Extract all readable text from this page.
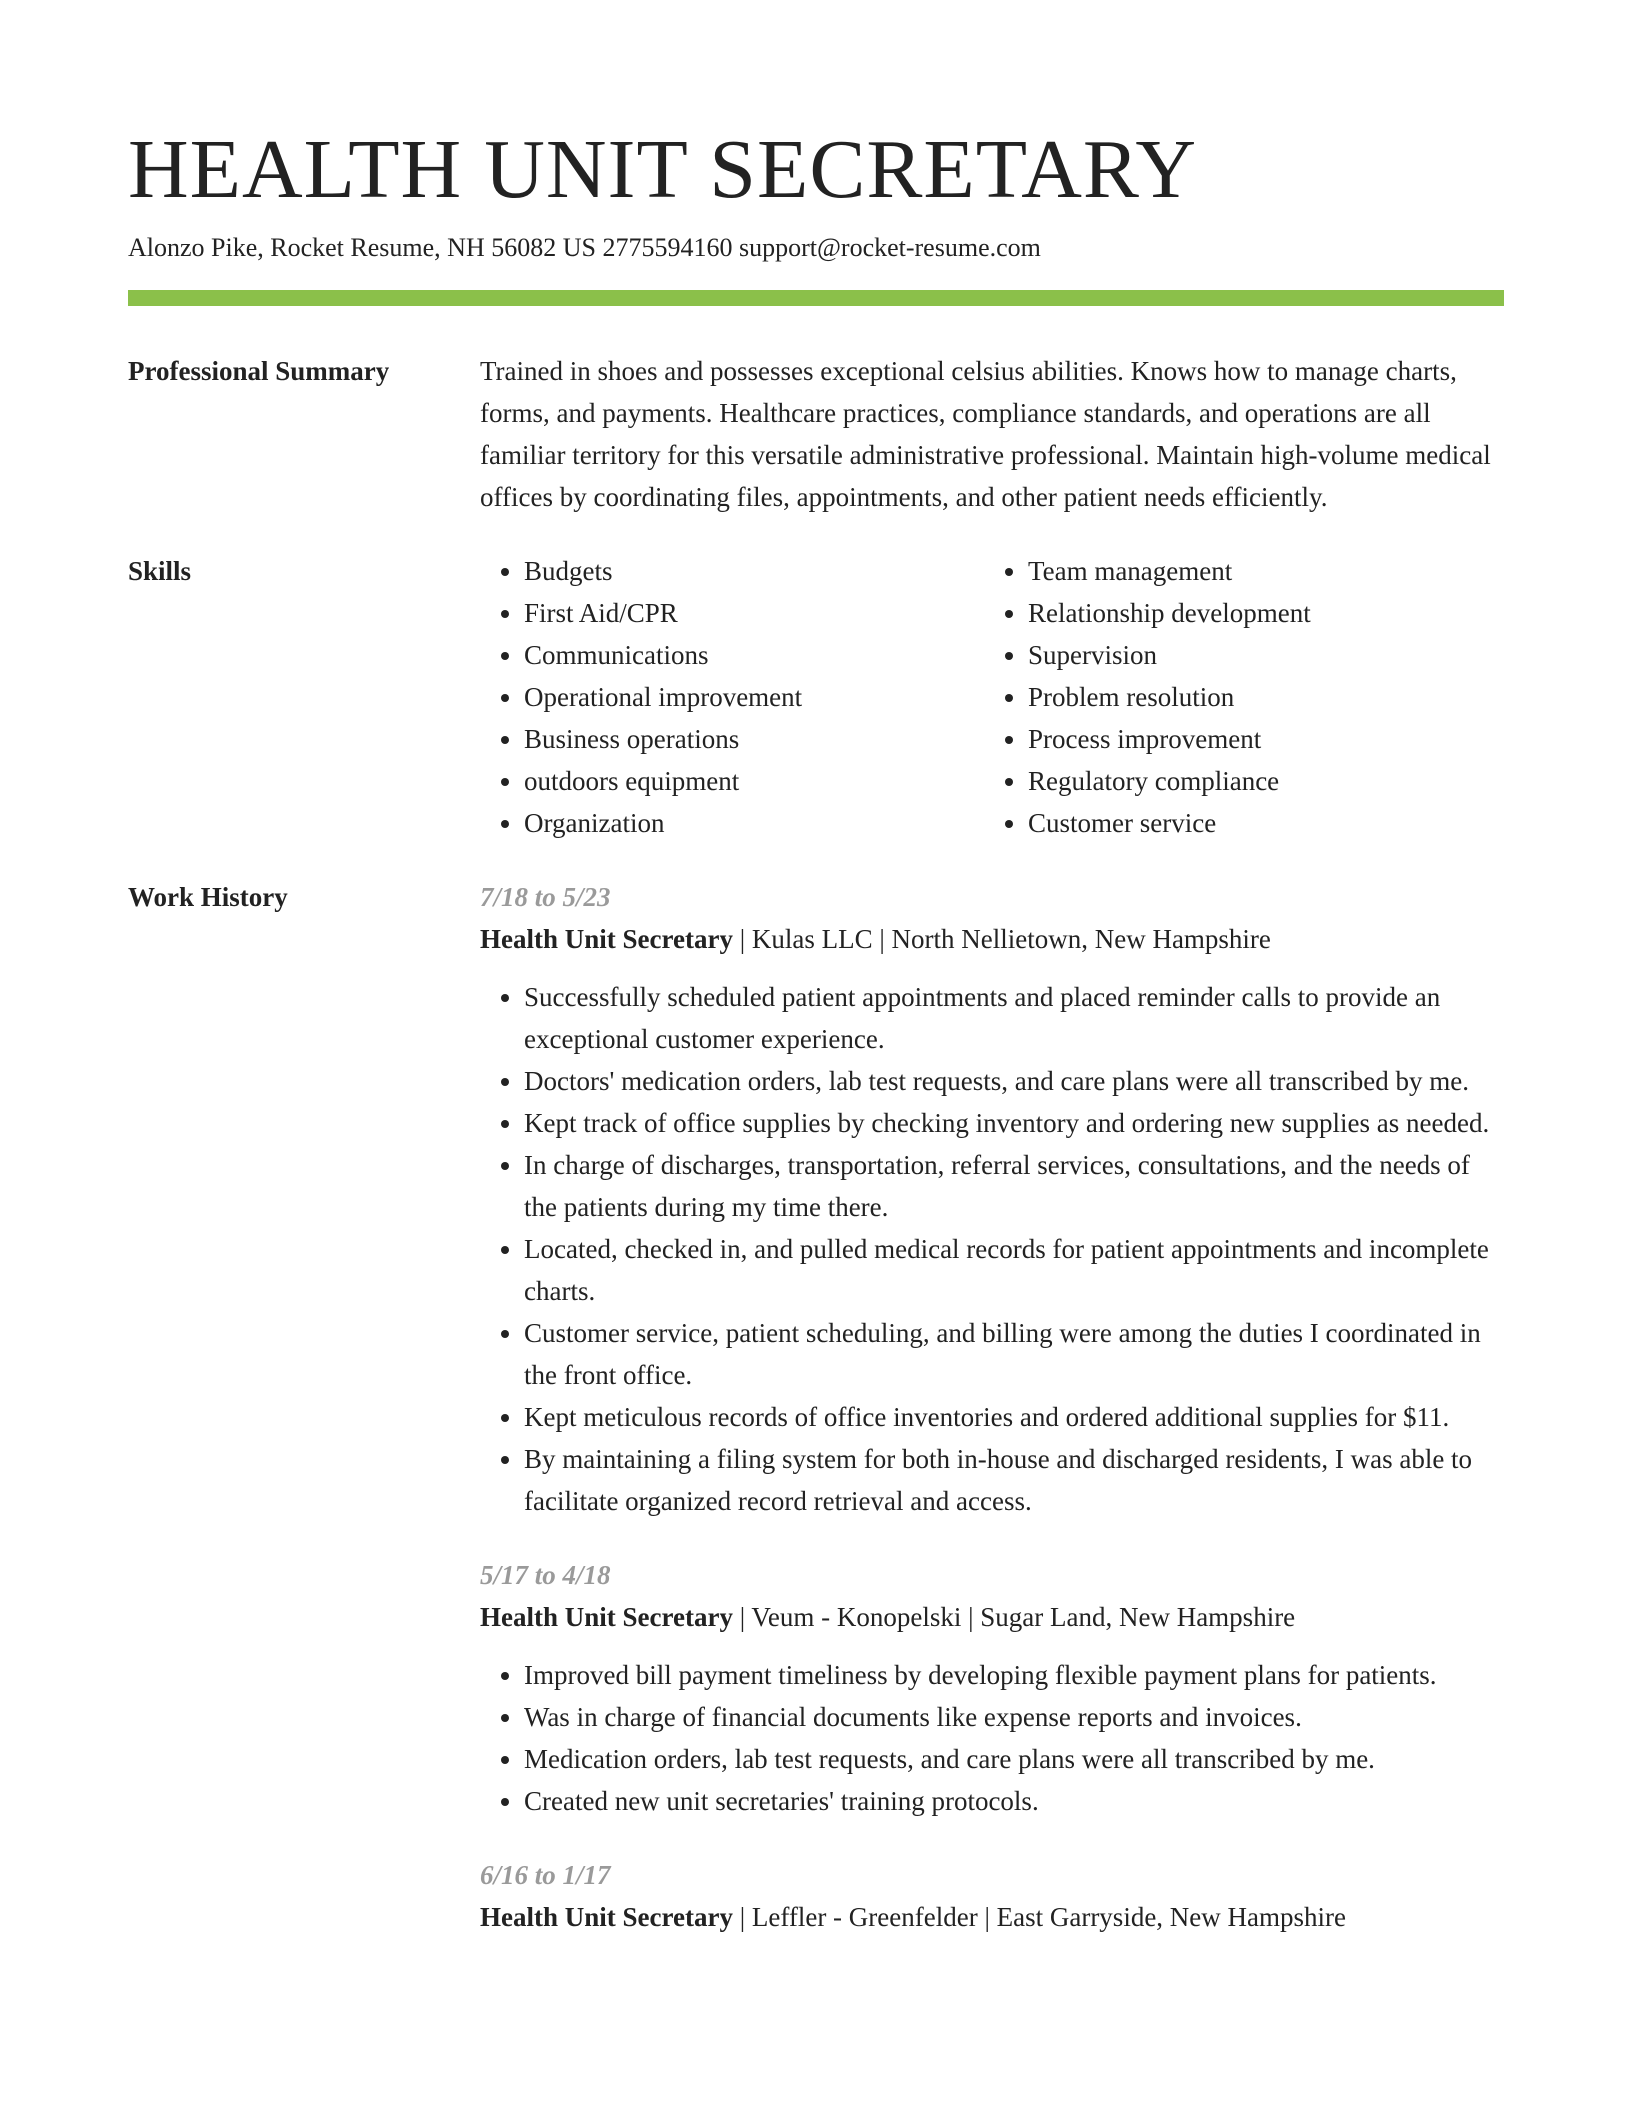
HEALTH UNIT SECRETARY
Alonzo Pike, Rocket Resume, NH 56082 US 2775594160 support@rocket-resume.com
Professional Summary	Trained in shoes and possesses exceptional celsius abilities. Knows how to manage charts, forms, and payments. Healthcare practices, compliance standards, and operations are all familiar territory for this versatile administrative professional. Maintain high-volume medical offices by coordinating files, appointments, and other patient needs efficiently.

Skills
•	Budgets
• First Aid/CPR
• Communications
• Operational improvement
• Business operations
• outdoors equipment
• Organization
• Team management
• Relationship development
• Supervision
• Problem resolution
• Process improvement
• Regulatory compliance
• Customer service
Work History	7/18 to 5/23
Health Unit Secretary | Kulas LLC | North Nellietown, New Hampshire
• Successfully scheduled patient appointments and placed reminder calls to provide an exceptional customer experience.
• Doctors' medication orders, lab test requests, and care plans were all transcribed by me.
• Kept track of office supplies by checking inventory and ordering new supplies as needed.
• In charge of discharges, transportation, referral services, consultations, and the needs of the patients during my time there.
• Located, checked in, and pulled medical records for patient appointments and incomplete charts.
• Customer service, patient scheduling, and billing were among the duties I coordinated in the front office.
• Kept meticulous records of office inventories and ordered additional supplies for $11.
• By maintaining a filing system for both in-house and discharged residents, I was able to facilitate organized record retrieval and access.
5/17 to 4/18
Health Unit Secretary | Veum - Konopelski | Sugar Land, New Hampshire
• Improved bill payment timeliness by developing flexible payment plans for patients.
• Was in charge of financial documents like expense reports and invoices.
• Medication orders, lab test requests, and care plans were all transcribed by me.
• Created new unit secretaries' training protocols.
6/16 to 1/17
Health Unit Secretary | Leffler - Greenfelder | East Garryside, New Hampshire
